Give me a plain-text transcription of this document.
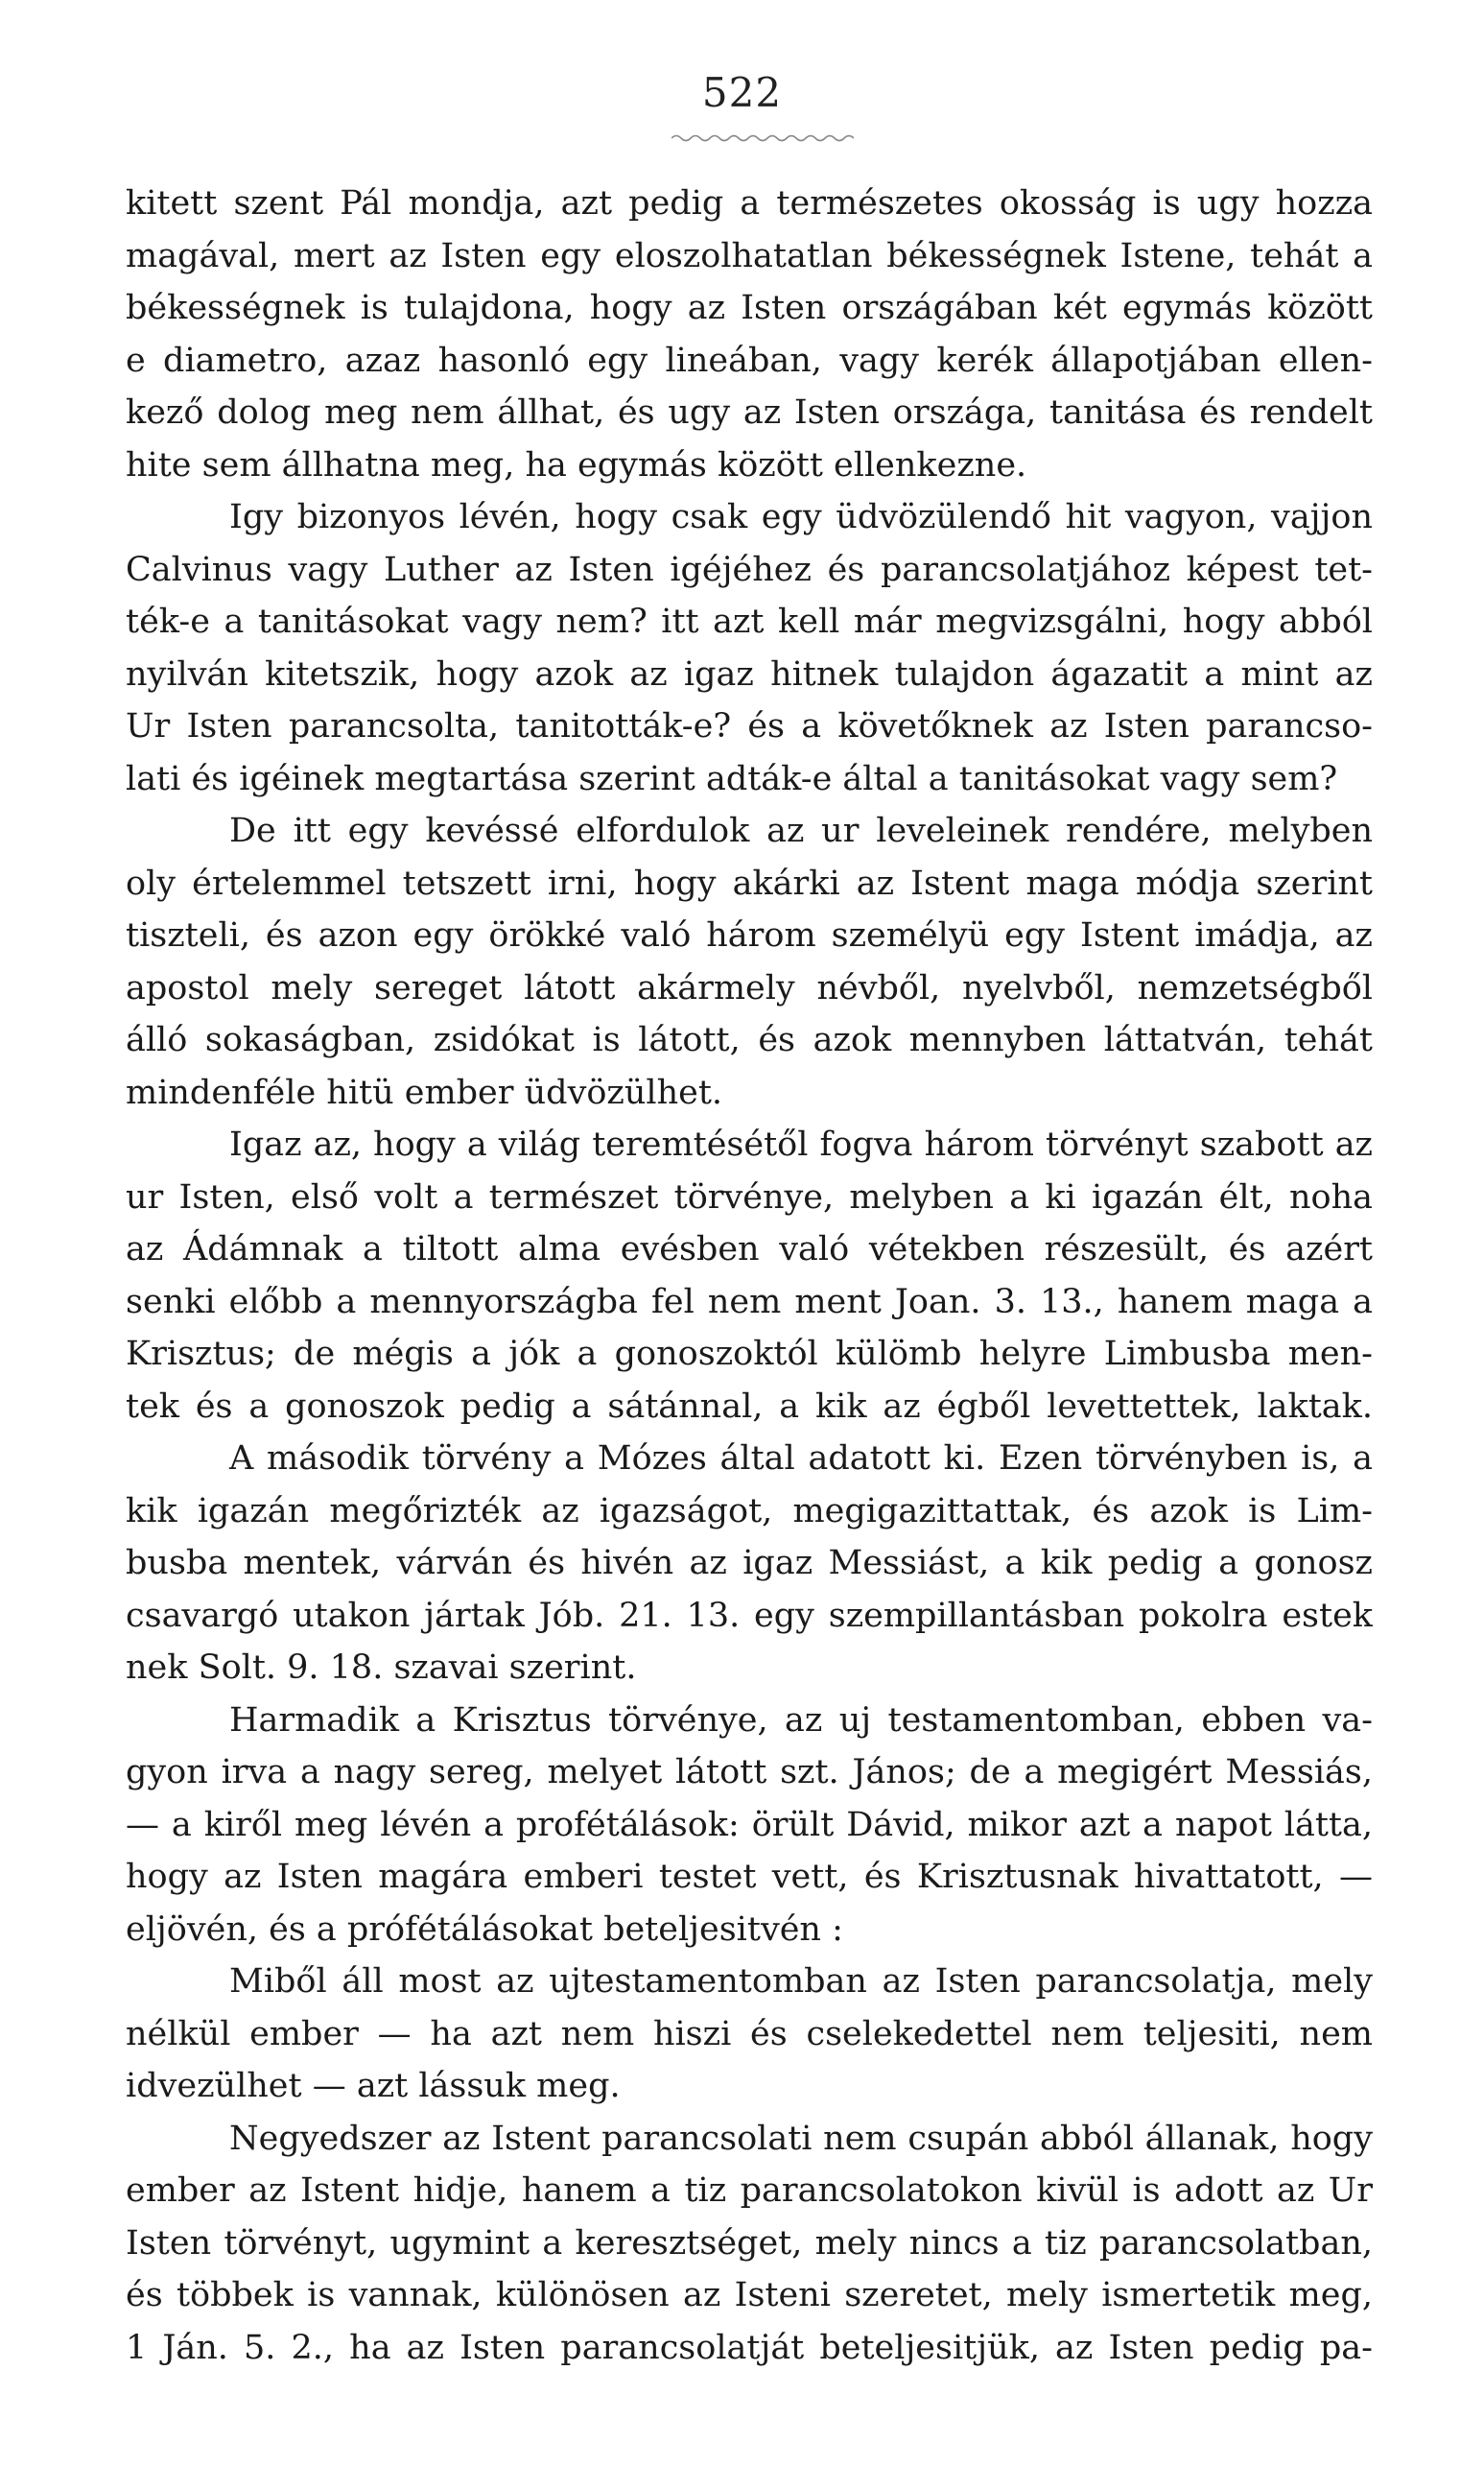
522
kitett szent Pál mondja, azt pedig a természetes okosság is ugy hozza
magával, mert az Isten egy eloszolhatatlan békességnek Istene, tehát a
békességnek is tulajdona, hogy az Isten országában két egymás között
e diametro, azaz hasonló egy lineában, vagy kerék állapotjában ellen-
kező dolog meg nem állhat, és ugy az Isten országa, tanitása és rendelt
hite sem állhatna meg, ha egymás között ellenkezne.
Igy bizonyos lévén, hogy csak egy üdvözülendő hit vagyon, vajjon
Calvinus vagy Luther az Isten igéjéhez és parancsolatjához képest tet-
ték-e a tanitásokat vagy nem? itt azt kell már megvizsgálni, hogy abból
nyilván kitetszik, hogy azok az igaz hitnek tulajdon ágazatit a mint az
Ur Isten parancsolta, tanitották-e? és a követőknek az Isten parancso-
lati és igéinek megtartása szerint adták-e által a tanitásokat vagy sem?
De itt egy kevéssé elfordulok az ur leveleinek rendére, melyben
oly értelemmel tetszett irni, hogy akárki az Istent maga módja szerint
tiszteli, és azon egy örökké való három személyü egy Istent imádja, az
apostol mely sereget látott akármely névből, nyelvből, nemzetségből
álló sokaságban, zsidókat is látott, és azok mennyben láttatván, tehát
mindenféle hitü ember üdvözülhet.
Igaz az, hogy a világ teremtésétől fogva három törvényt szabott az
ur Isten, első volt a természet törvénye, melyben a ki igazán élt, noha
az Ádámnak a tiltott alma evésben való vétekben részesült, és azért
senki előbb a mennyországba fel nem ment Joan. 3. 13., hanem maga a
Krisztus; de mégis a jók a gonoszoktól külömb helyre Limbusba men-
tek és a gonoszok pedig a sátánnal, a kik az égből levettettek, laktak.
A második törvény a Mózes által adatott ki. Ezen törvényben is, a
kik igazán megőrizték az igazságot, megigazittattak, és azok is Lim-
busba mentek, várván és hivén az igaz Messiást, a kik pedig a gonosz
csavargó utakon jártak Jób. 21. 13. egy szempillantásban pokolra estek
nek Solt. 9. 18. szavai szerint.
Harmadik a Krisztus törvénye, az uj testamentomban, ebben va-
gyon irva a nagy sereg, melyet látott szt. János; de a megigért Messiás,
— a kiről meg lévén a profétálások: örült Dávid, mikor azt a napot látta,
hogy az Isten magára emberi testet vett, és Krisztusnak hivattatott, —
eljövén, és a prófétálásokat beteljesitvén :
Miből áll most az ujtestamentomban az Isten parancsolatja, mely
nélkül ember — ha azt nem hiszi és cselekedettel nem teljesiti, nem
idvezülhet — azt lássuk meg.
Negyedszer az Istent parancsolati nem csupán abból állanak, hogy
ember az Istent hidje, hanem a tiz parancsolatokon kivül is adott az Ur
Isten törvényt, ugymint a keresztséget, mely nincs a tiz parancsolatban,
és többek is vannak, különösen az Isteni szeretet, mely ismertetik meg,
1 Ján. 5. 2., ha az Isten parancsolatját beteljesitjük, az Isten pedig pa-
